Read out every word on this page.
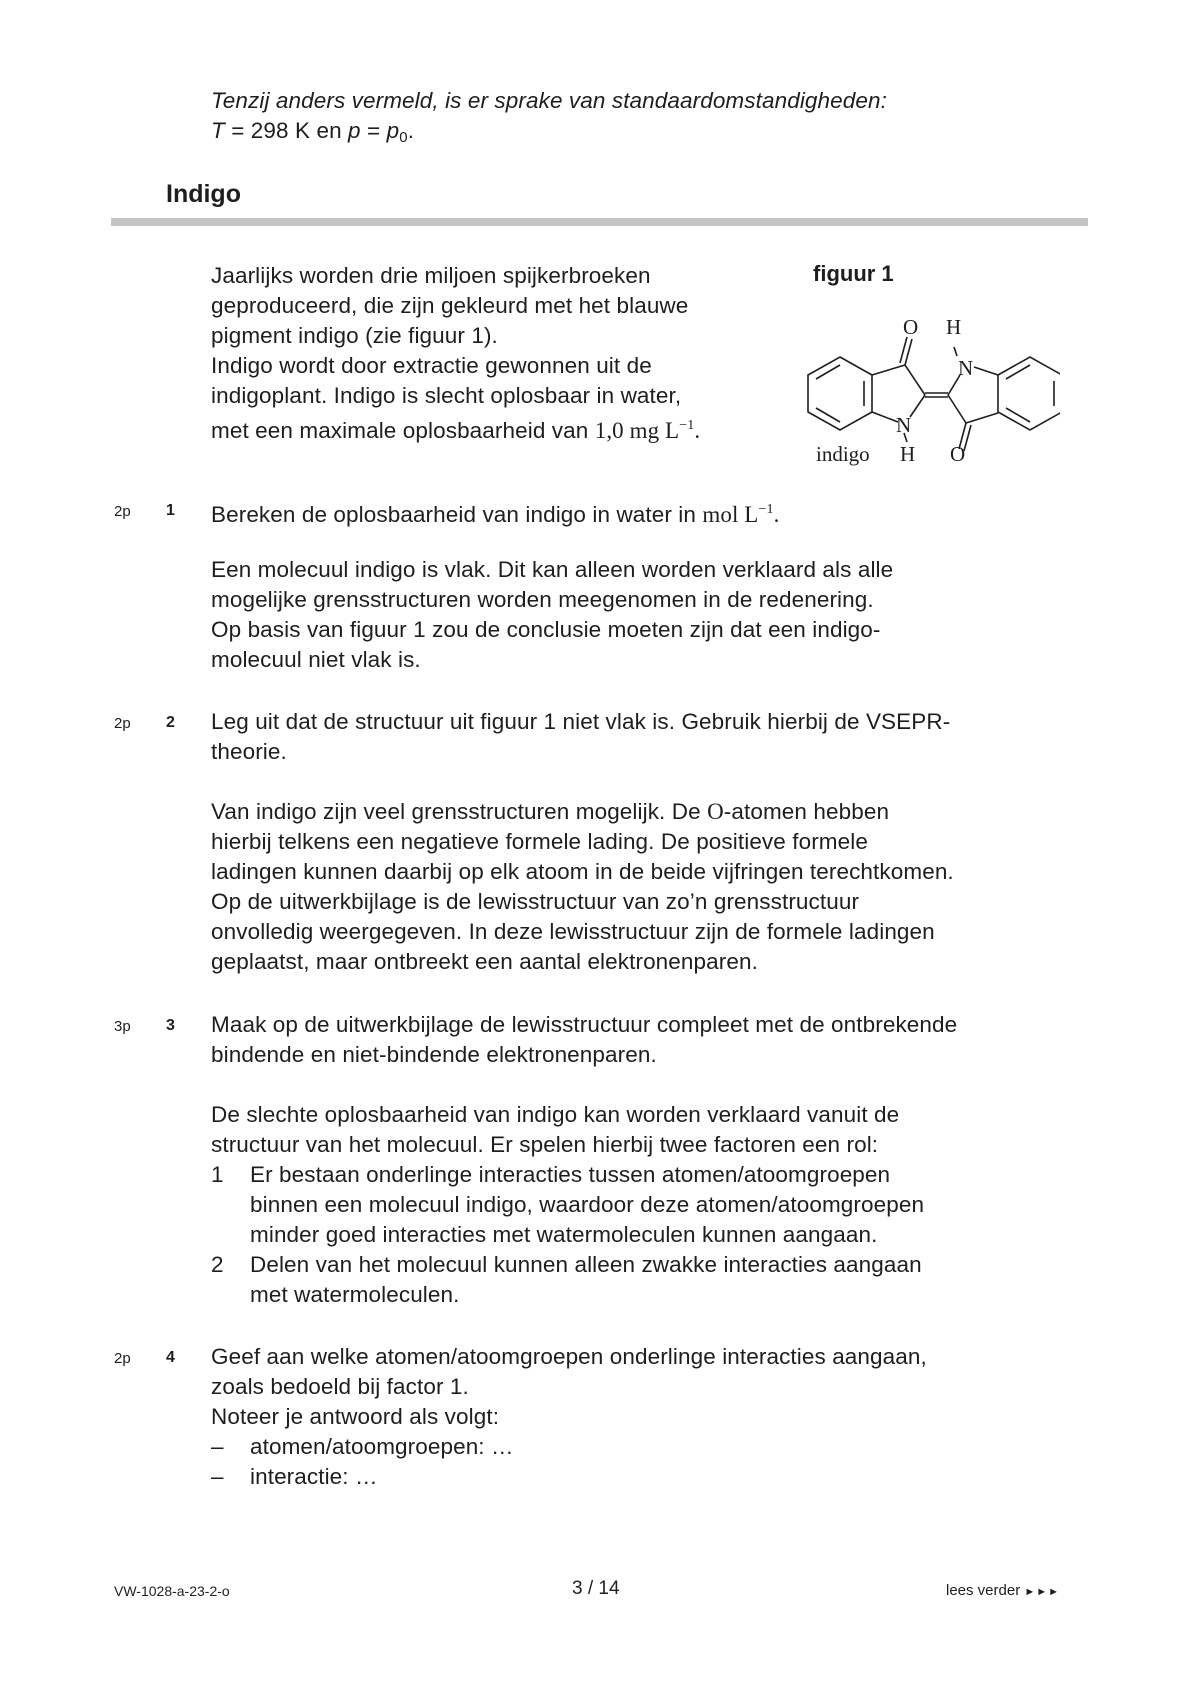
Tenzij anders vermeld, is er sprake van standaardomstandigheden:
T = 298 K en $p = p_0$.
Indigo
Jaarlijks worden drie miljoen spijkerbroeken
geproduceerd, die zijn gekleurd met het blauwe
pigment indigo (zie figuur 1).
Indigo wordt door extractie gewonnen uit de
indigoplant. Indigo is slecht oplosbaar in water,
met een maximale oplosbaarheid van 1,0 mg $L^{-1}$.
figuur 1
O H
N
N
H O
indigo
2p 1 Bereken de oplosbaarheid van indigo in water in mol $L^{-1}$.
Een molecuul indigo is vlak. Dit kan alleen worden verklaard als alle
mogelijke grensstructuren worden meegenomen in de redenering.
Op basis van figuur 1 zou de conclusie moeten zijn dat een indigo-
molecuul niet vlak is.
2p 2 Leg uit dat de structuur uit figuur 1 niet vlak is. Gebruik hierbij de VSEPR-
theorie.
Van indigo zijn veel grensstructuren mogelijk. De O-atomen hebben
hierbij telkens een negatieve formele lading. De positieve formele
ladingen kunnen daarbij op elk atoom in de beide vijfringen terechtkomen.
Op de uitwerkbijlage is de lewisstructuur van zo’n grensstructuur
onvolledig weergegeven. In deze lewisstructuur zijn de formele ladingen
geplaatst, maar ontbreekt een aantal elektronenparen.
3p 3 Maak op de uitwerkbijlage de lewisstructuur compleet met de ontbrekende
bindende en niet-bindende elektronenparen.
De slechte oplosbaarheid van indigo kan worden verklaard vanuit de
structuur van het molecuul. Er spelen hierbij twee factoren een rol:
1	Er bestaan onderlinge interacties tussen atomen/atoomgroepen
binnen een molecuul indigo, waardoor deze atomen/atoomgroepen
minder goed interacties met watermoleculen kunnen aangaan.
2	Delen van het molecuul kunnen alleen zwakke interacties aangaan
met watermoleculen.
2p 4 Geef aan welke atomen/atoomgroepen onderlinge interacties aangaan,
zoals bedoeld bij factor 1.
Noteer je antwoord als volgt:
–	atomen/atoomgroepen: …
–	interactie: …
VW-1028-a-23-2-o	3 / 14	lees verder ►►►
